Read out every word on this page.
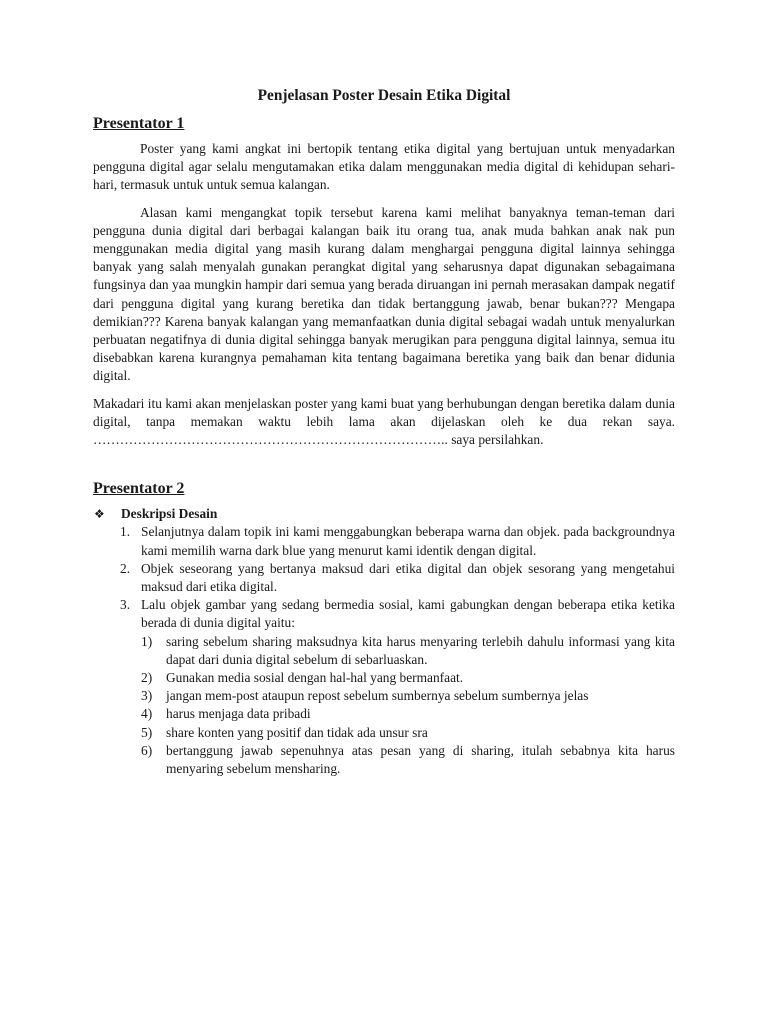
Penjelasan Poster Desain Etika Digital
Presentator 1

Poster yang kami angkat ini bertopik tentang etika digital yang bertujuan untuk menyadarkan pengguna digital agar selalu mengutamakan etika dalam menggunakan media digital di kehidupan sehari-hari, termasuk untuk untuk semua kalangan.

Alasan kami mengangkat topik tersebut karena kami melihat banyaknya teman-teman dari pengguna dunia digital dari berbagai kalangan baik itu orang tua, anak muda bahkan anak nak pun menggunakan media digital yang masih kurang dalam menghargai pengguna digital lainnya sehingga banyak yang salah menyalah gunakan perangkat digital yang seharusnya dapat digunakan sebagaimana fungsinya dan yaa mungkin hampir dari semua yang berada diruangan ini pernah merasakan dampak negatif dari pengguna digital yang kurang beretika dan tidak bertanggung jawab, benar bukan??? Mengapa demikian??? Karena banyak kalangan yang memanfaatkan dunia digital sebagai wadah untuk menyalurkan perbuatan negatifnya di dunia digital sehingga banyak merugikan para pengguna digital lainnya, semua itu disebabkan karena kurangnya pemahaman kita tentang bagaimana beretika yang baik dan benar didunia digital.

Makadari itu kami akan menjelaskan poster yang kami buat yang berhubungan dengan beretika dalam dunia digital, tanpa memakan waktu lebih lama akan dijelaskan oleh ke dua rekan saya. …………………………………………………………………….. saya persilahkan.

Presentator 2
❖ Deskripsi Desain
1. Selanjutnya dalam topik ini kami menggabungkan beberapa warna dan objek. pada backgroundnya kami memilih warna dark blue yang menurut kami identik dengan digital.
2. Objek seseorang yang bertanya maksud dari etika digital dan objek sesorang yang mengetahui maksud dari etika digital.
3. Lalu objek gambar yang sedang bermedia sosial, kami gabungkan dengan beberapa etika ketika berada di dunia digital yaitu:
1) saring sebelum sharing maksudnya kita harus menyaring terlebih dahulu informasi yang kita dapat dari dunia digital sebelum di sebarluaskan.
2) Gunakan media sosial dengan hal-hal yang bermanfaat.
3) jangan mem-post ataupun repost sebelum sumbernya sebelum sumbernya jelas
4) harus menjaga data pribadi
5) share konten yang positif dan tidak ada unsur sra
6) bertanggung jawab sepenuhnya atas pesan yang di sharing, itulah sebabnya kita harus menyaring sebelum mensharing.
